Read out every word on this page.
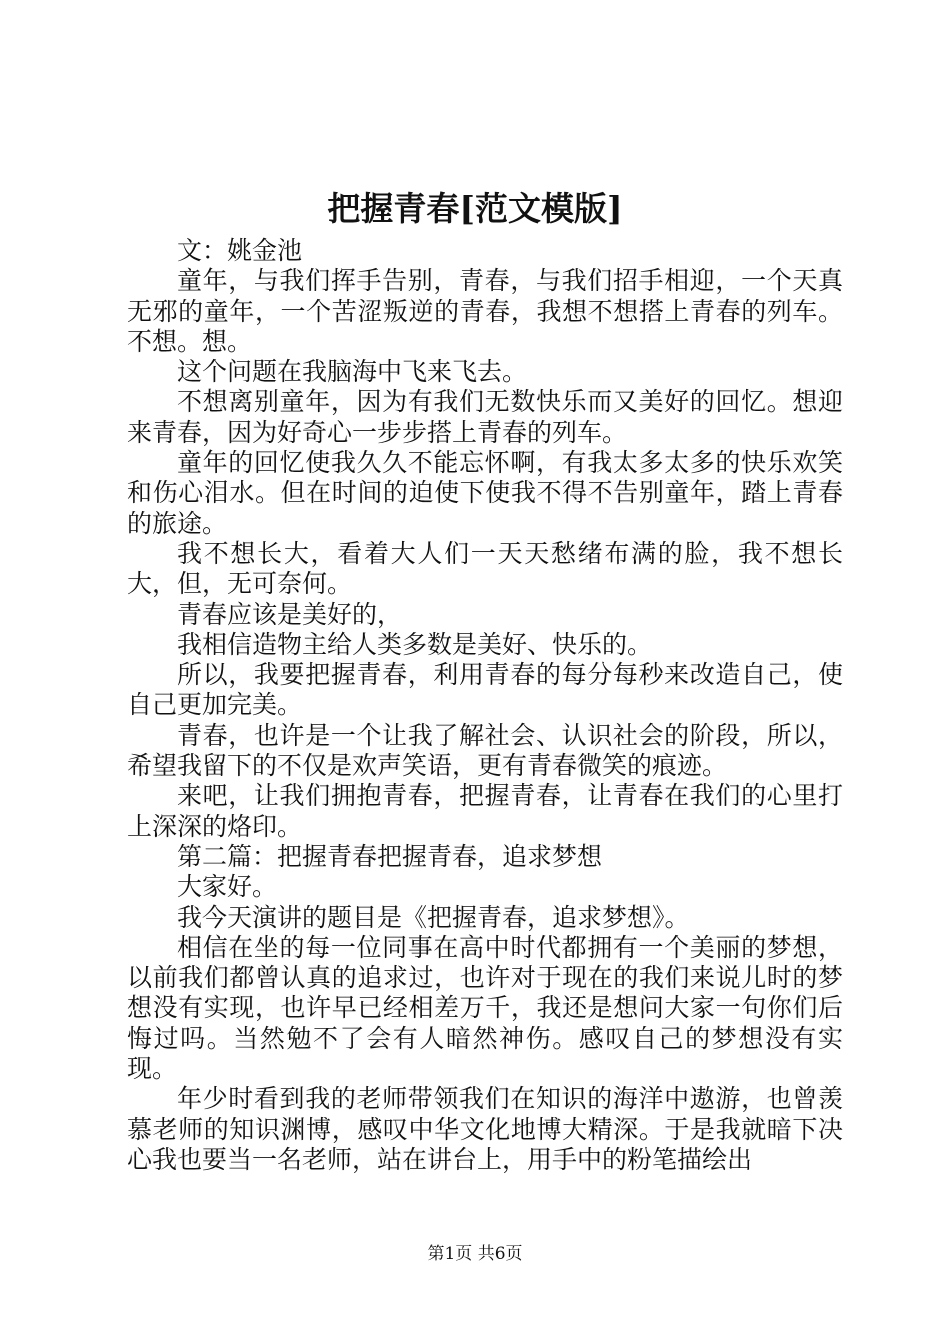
把握青春[范文模版]

文：姚金池

童年，与我们挥手告别，青春，与我们招手相迎，一个天真无邪的童年，一个苦涩叛逆的青春，我想不想搭上青春的列车。不想。想。

这个问题在我脑海中飞来飞去。

不想离别童年，因为有我们无数快乐而又美好的回忆。想迎来青春，因为好奇心一步步搭上青春的列车。

童年的回忆使我久久不能忘怀啊，有我太多太多的快乐欢笑和伤心泪水。但在时间的迫使下使我不得不告别童年，踏上青春的旅途。

我不想长大，看着大人们一天天愁绪布满的脸，我不想长大，但，无可奈何。

青春应该是美好的，

我相信造物主给人类多数是美好、快乐的。

所以，我要把握青春，利用青春的每分每秒来改造自己，使自己更加完美。

青春，也许是一个让我了解社会、认识社会的阶段，所以，希望我留下的不仅是欢声笑语，更有青春微笑的痕迹。

来吧，让我们拥抱青春，把握青春，让青春在我们的心里打上深深的烙印。

第二篇：把握青春把握青春，追求梦想

大家好。

我今天演讲的题目是《把握青春，追求梦想》。

相信在坐的每一位同事在高中时代都拥有一个美丽的梦想，以前我们都曾认真的追求过，也许对于现在的我们来说儿时的梦想没有实现，也许早已经相差万千，我还是想问大家一句你们后悔过吗。当然勉不了会有人暗然神伤。感叹自己的梦想没有实现。

年少时看到我的老师带领我们在知识的海洋中遨游，也曾羡慕老师的知识渊博，感叹中华文化地博大精深。于是我就暗下决心我也要当一名老师，站在讲台上，用手中的粉笔描绘出

第1页 共6页
